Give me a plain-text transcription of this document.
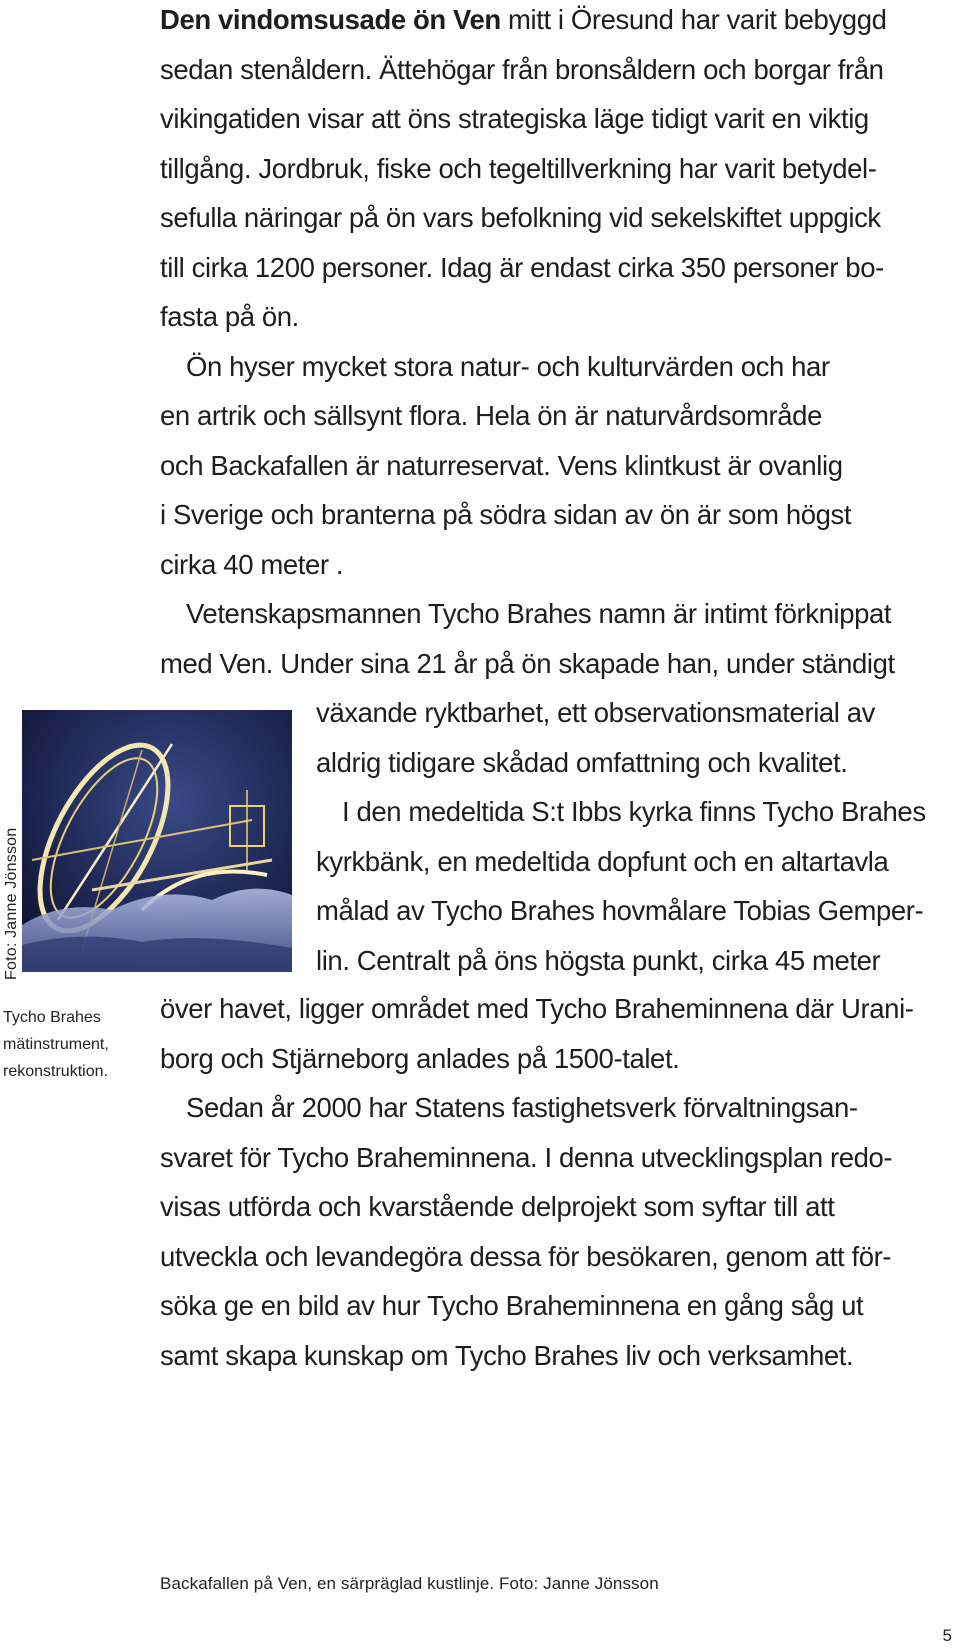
Den vindomsusade ön Ven mitt i Öresund har varit bebyggd
sedan stenåldern. Ättehögar från bronsåldern och borgar från
vikingatiden visar att öns strategiska läge tidigt varit en viktig
tillgång. Jordbruk, fiske och tegeltillverkning har varit betydel-
sefulla näringar på ön vars befolkning vid sekelskiftet uppgick
till cirka 1200 personer. Idag är endast cirka 350 personer bo-
fasta på ön.
Ön hyser mycket stora natur- och kulturvärden och har
en artrik och sällsynt flora. Hela ön är naturvårdsområde
och Backafallen är naturreservat. Vens klintkust är ovanlig
i Sverige och branterna på södra sidan av ön är som högst
cirka 40 meter .
Vetenskapsmannen Tycho Brahes namn är intimt förknippat
med Ven. Under sina 21 år på ön skapade han, under ständigt
växande ryktbarhet, ett observationsmaterial av
aldrig tidigare skådad omfattning och kvalitet.
I den medeltida S:t Ibbs kyrka finns Tycho Brahes
kyrkbänk, en medeltida dopfunt och en altartavla
målad av Tycho Brahes hovmålare Tobias Gemper-
lin. Centralt på öns högsta punkt, cirka 45 meter
Foto: Janne Jönsson
Tycho Brahes
mätinstrument,
rekonstruktion.
över havet, ligger området med Tycho Braheminnena där Urani-
borg och Stjärneborg anlades på 1500-talet.
Sedan år 2000 har Statens fastighetsverk förvaltningsan-
svaret för Tycho Braheminnena. I denna utvecklingsplan redo-
visas utförda och kvarstående delprojekt som syftar till att
utveckla och levandegöra dessa för besökaren, genom att för-
söka ge en bild av hur Tycho Braheminnena en gång såg ut
samt skapa kunskap om Tycho Brahes liv och verksamhet.
Backafallen på Ven, en särpräglad kustlinje. Foto: Janne Jönsson
5
